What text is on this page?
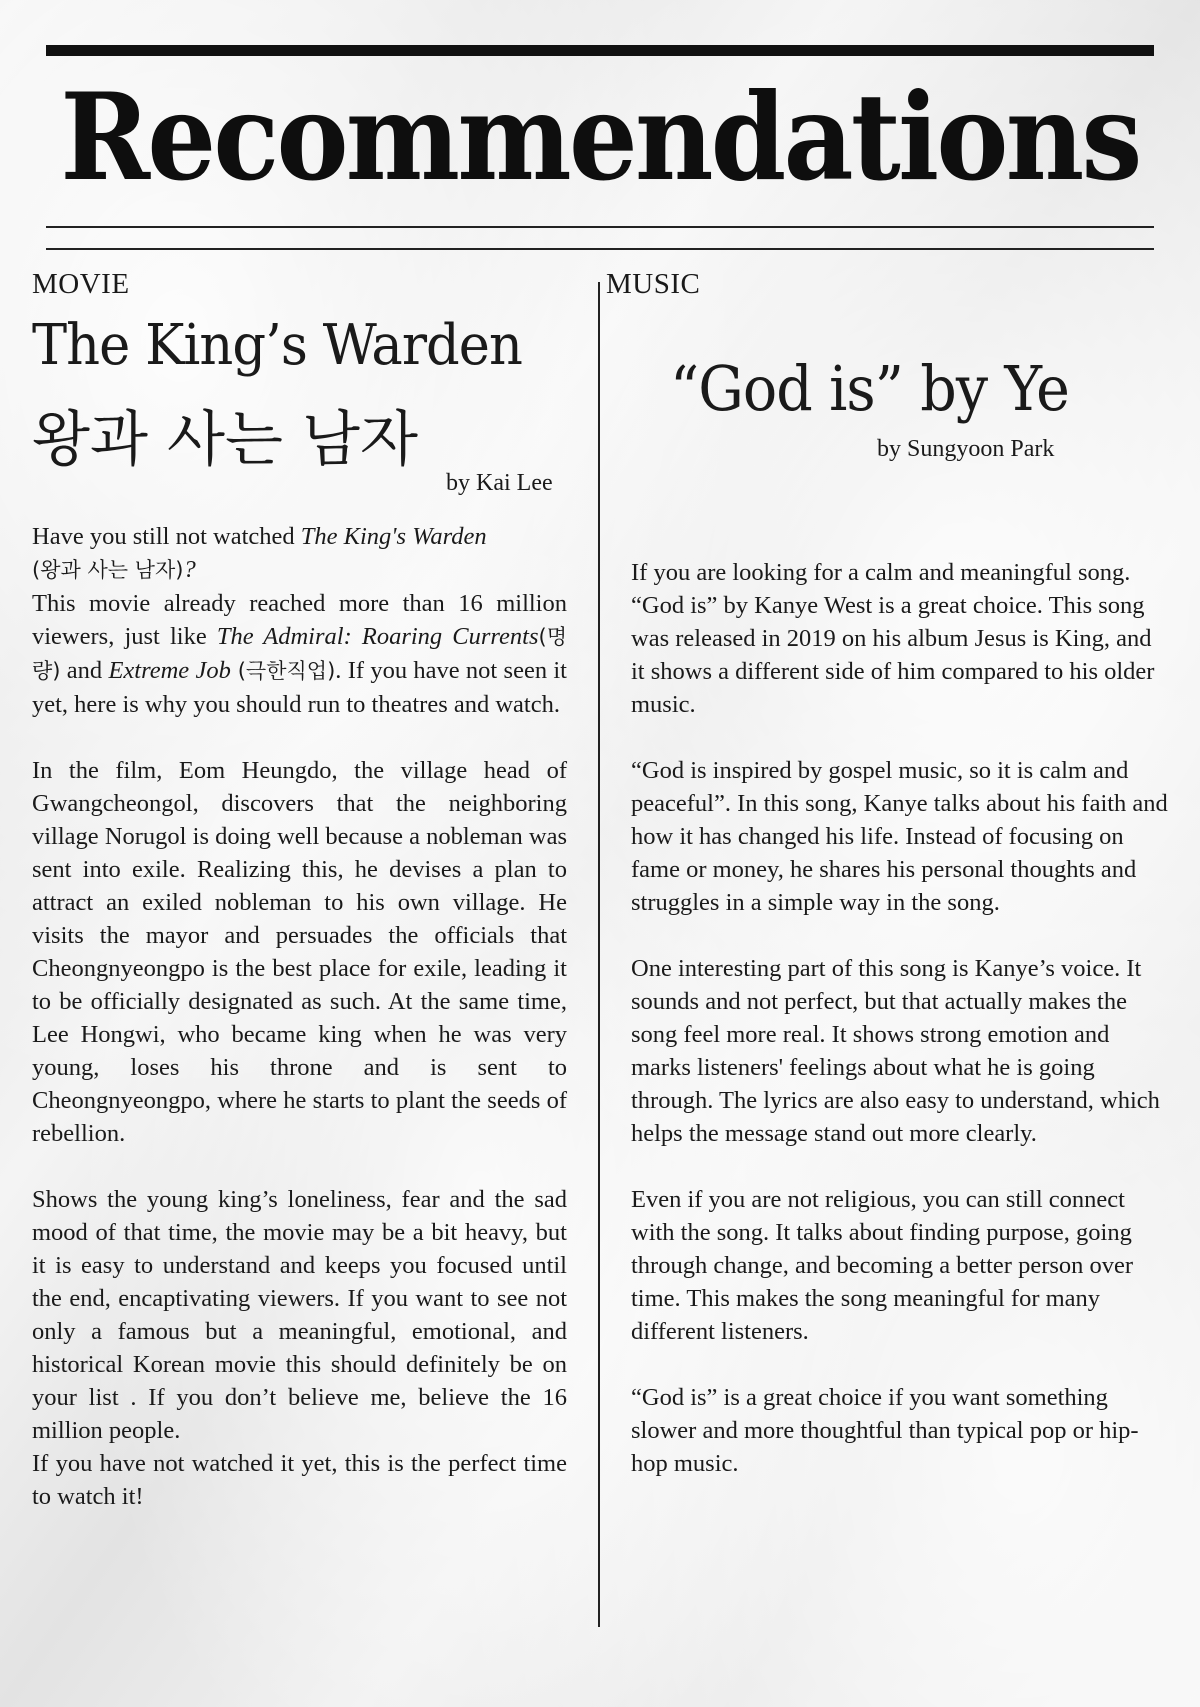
Recommendations
MOVIE
The King’s Warden
왕과 사는 남자
by Kai Lee

Have you still not watched The King's Warden
(왕과 사는 남자)?

This movie already reached more than 16 million viewers, just like The Admiral: Roaring Currents(명량) and Extreme Job (극한직업). If you have not seen it yet, here is why you should run to theatres and watch.

In the film, Eom Heungdo, the village head of Gwangcheongol, discovers that the neighboring village Norugol is doing well because a nobleman was sent into exile. Realizing this, he devises a plan to attract an exiled nobleman to his own village. He visits the mayor and persuades the officials that Cheongnyeongpo is the best place for exile, leading it to be officially designated as such. At the same time, Lee Hongwi, who became king when he was very young, loses his throne and is sent to Cheongnyeongpo, where he starts to plant the seeds of rebellion.

Shows the young king’s loneliness, fear and the sad mood of that time, the movie may be a bit heavy, but it is easy to understand and keeps you focused until the end, encaptivating viewers. If you want to see not only a famous but a meaningful, emotional, and historical Korean movie this should definitely be on your list . If you don’t believe me, believe the 16 million people.

If you have not watched it yet, this is the perfect time to watch it!

MUSIC
“God is” by Ye
by Sungyoon Park

If you are looking for a calm and meaningful song. “God is” by Kanye West is a great choice. This song was released in 2019 on his album Jesus is King, and it shows a different side of him compared to his older music.

“God is inspired by gospel music, so it is calm and peaceful”. In this song, Kanye talks about his faith and how it has changed his life. Instead of focusing on fame or money, he shares his personal thoughts and struggles in a simple way in the song.

One interesting part of this song is Kanye’s voice. It sounds and not perfect, but that actually makes the song feel more real. It shows strong emotion and marks listeners' feelings about what he is going through. The lyrics are also easy to understand, which helps the message stand out more clearly.

Even if you are not religious, you can still connect with the song. It talks about finding purpose, going through change, and becoming a better person over time. This makes the song meaningful for many different listeners.

“God is” is a great choice if you want something slower and more thoughtful than typical pop or hip-hop music.
